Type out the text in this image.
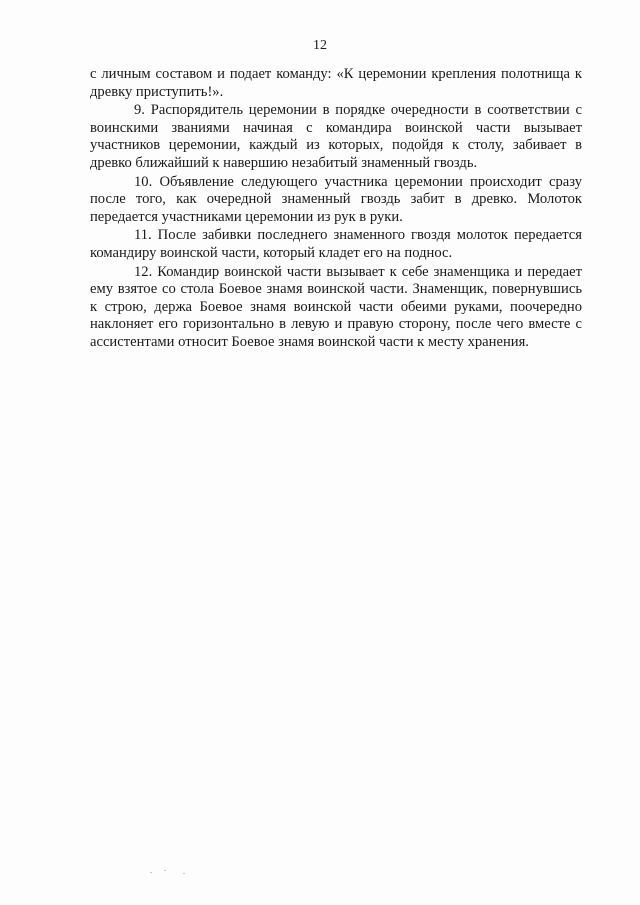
12

с личным составом и подает команду: «К церемонии крепления полотнища к древку приступить!».

9. Распорядитель церемонии в порядке очередности в соответствии с воинскими званиями начиная с командира воинской части вызывает участников церемонии, каждый из которых, подойдя к столу, забивает в древко ближайший к навершию незабитый знаменный гвоздь.

10. Объявление следующего участника церемонии происходит сразу после того, как очередной знаменный гвоздь забит в древко. Молоток передается участниками церемонии из рук в руки.

11. После забивки последнего знаменного гвоздя молоток передается командиру воинской части, который кладет его на поднос.

12. Командир воинской части вызывает к себе знаменщика и передает ему взятое со стола Боевое знамя воинской части. Знаменщик, повернувшись к строю, держа Боевое знамя воинской части обеими руками, поочередно наклоняет его горизонтально в левую и правую сторону, после чего вместе с ассистентами относит Боевое знамя воинской части к месту хранения.
